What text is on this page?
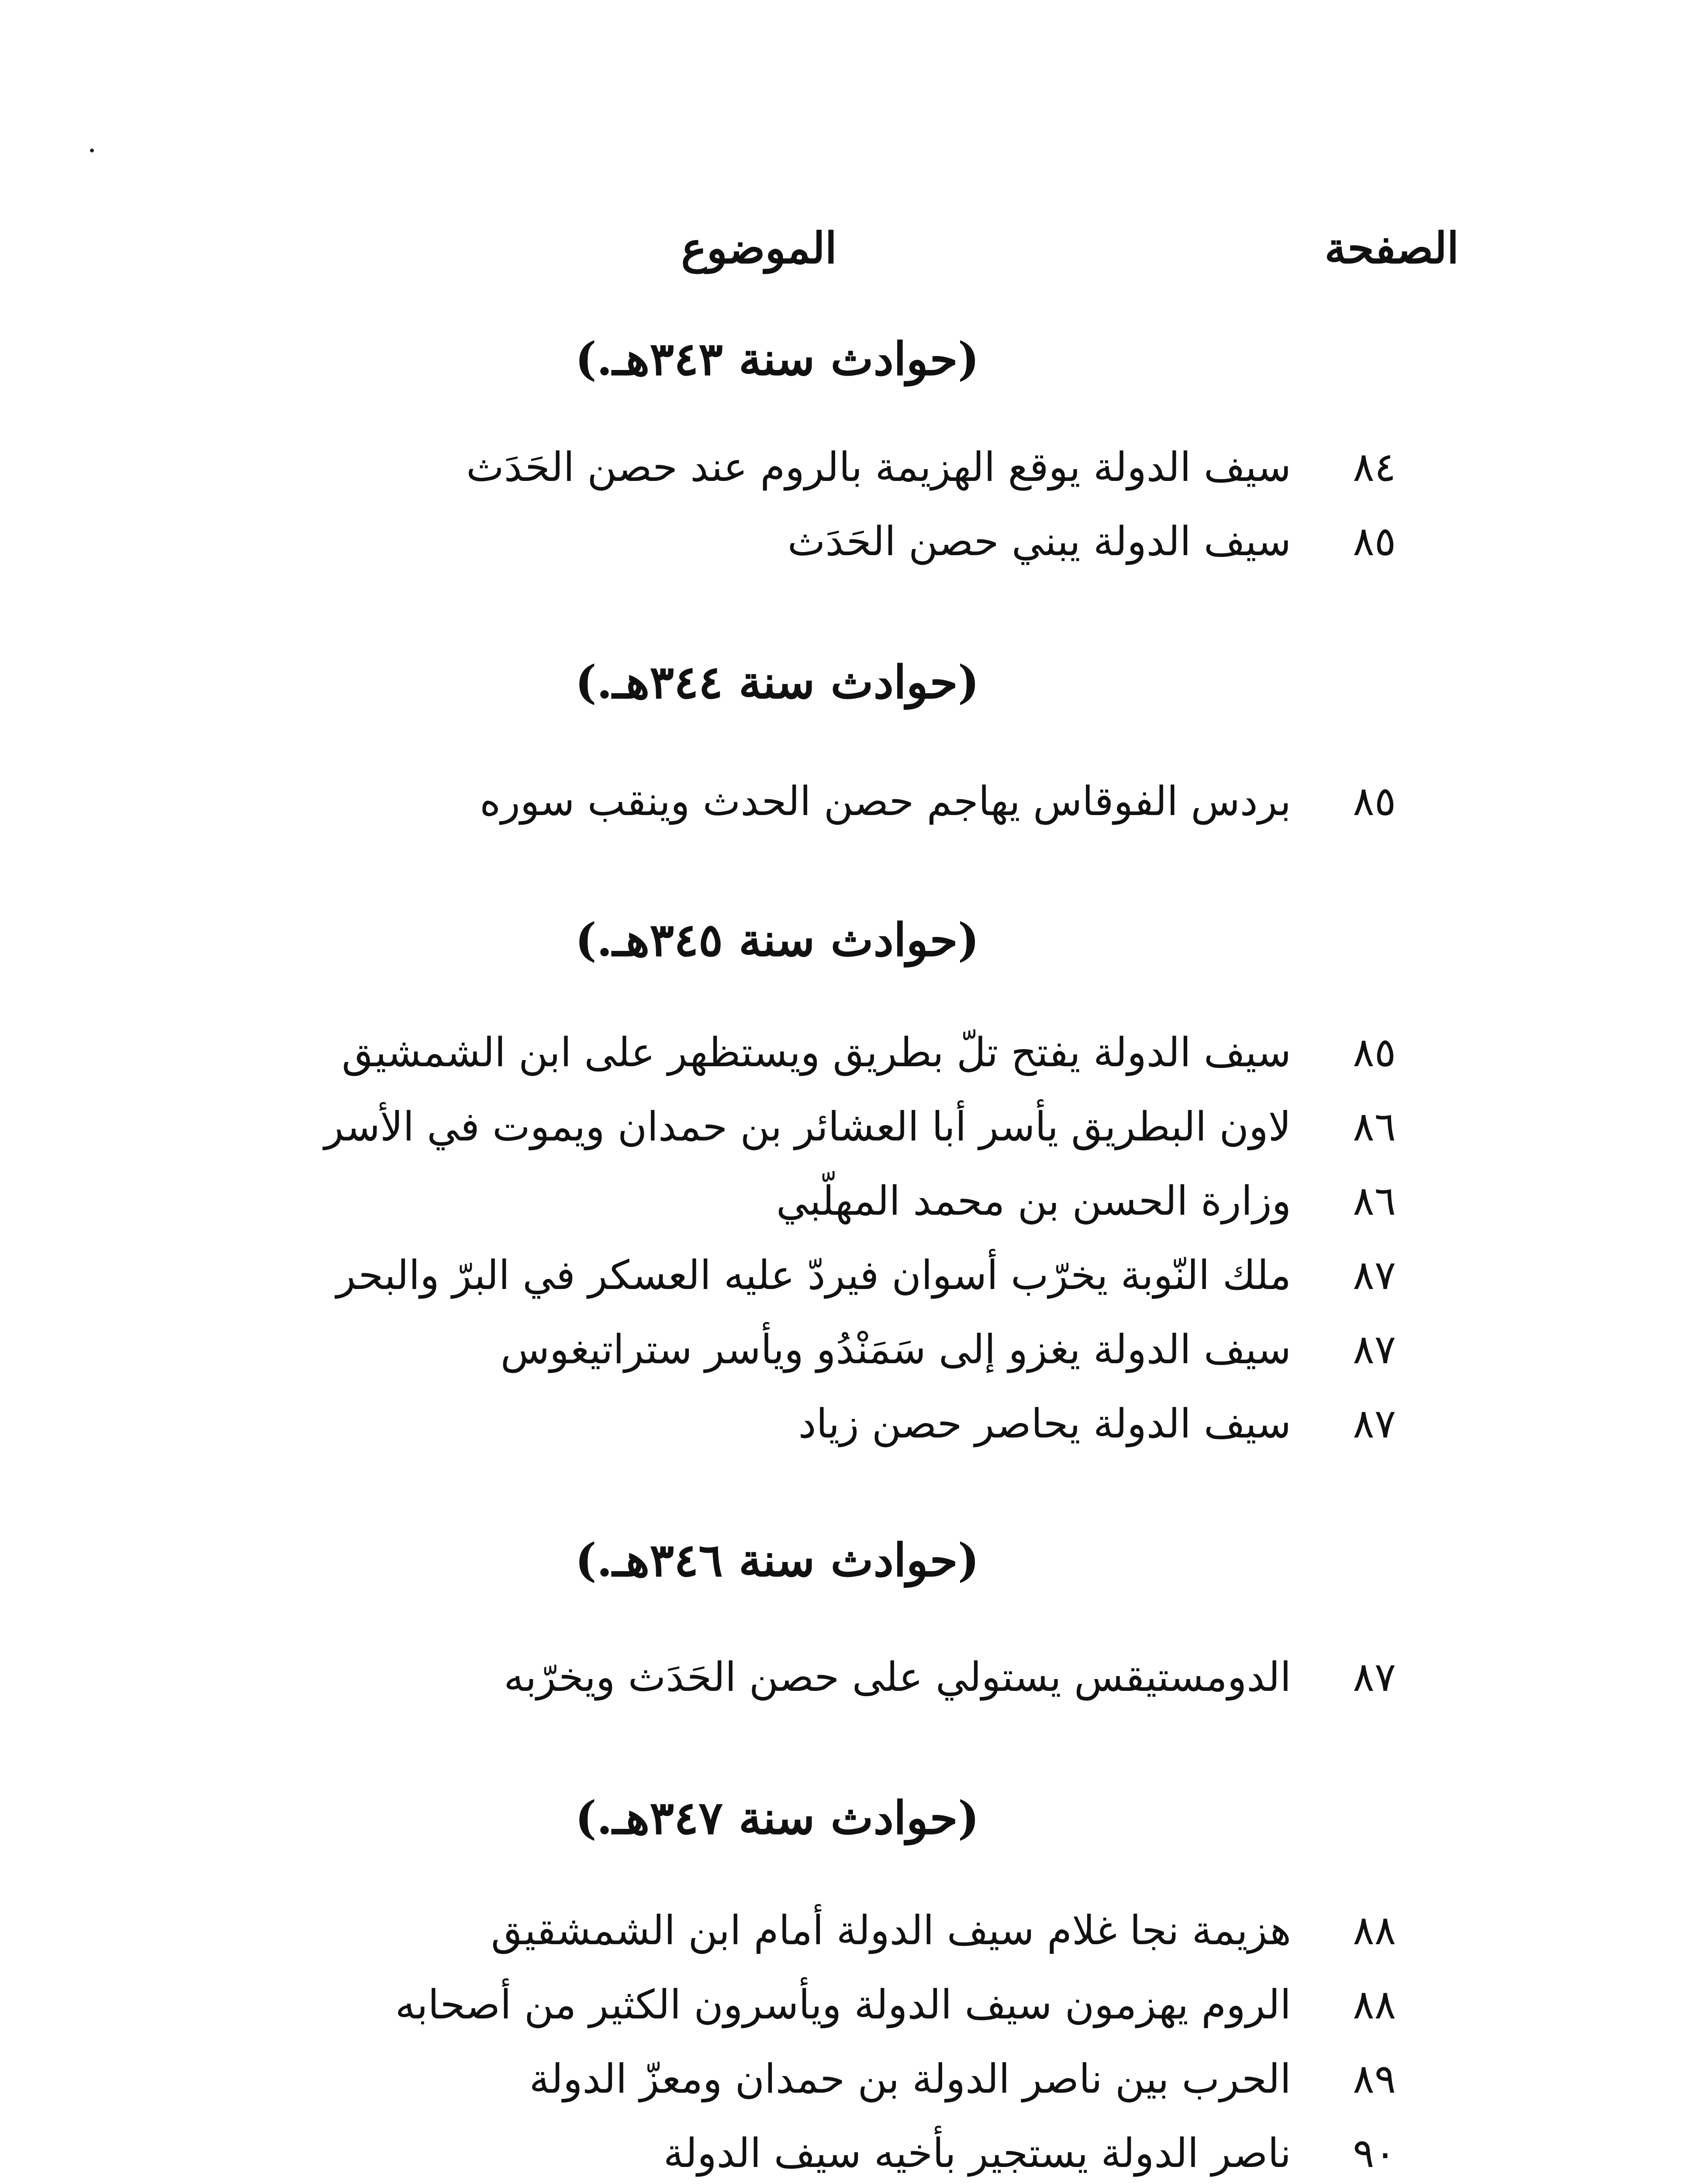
الصفحة
الموضوع
(حوادث سنة ٣٤٣هـ.)
٨٤
سيف الدولة يوقع الهزيمة بالروم عند حصن الحَدَث
٨٥
سيف الدولة يبني حصن الحَدَث
(حوادث سنة ٣٤٤هـ.)
٨٥
بردس الفوقاس يهاجم حصن الحدث وينقب سوره
(حوادث سنة ٣٤٥هـ.)
٨٥
سيف الدولة يفتح تلّ بطريق ويستظهر على ابن الشمشيق
٨٦
لاون البطريق يأسر أبا العشائر بن حمدان ويموت في الأسر
٨٦
وزارة الحسن بن محمد المهلّبي
٨٧
ملك النّوبة يخرّب أسوان فيردّ عليه العسكر في البرّ والبحر
٨٧
سيف الدولة يغزو إلى سَمَنْدُو ويأسر ستراتيغوس
٨٧
سيف الدولة يحاصر حصن زياد
(حوادث سنة ٣٤٦هـ.)
٨٧
الدومستيقس يستولي على حصن الحَدَث ويخرّبه
(حوادث سنة ٣٤٧هـ.)
٨٨
هزيمة نجا غلام سيف الدولة أمام ابن الشمشقيق
٨٨
الروم يهزمون سيف الدولة ويأسرون الكثير من أصحابه
٨٩
الحرب بين ناصر الدولة بن حمدان ومعزّ الدولة
٩٠
ناصر الدولة يستجير بأخيه سيف الدولة
